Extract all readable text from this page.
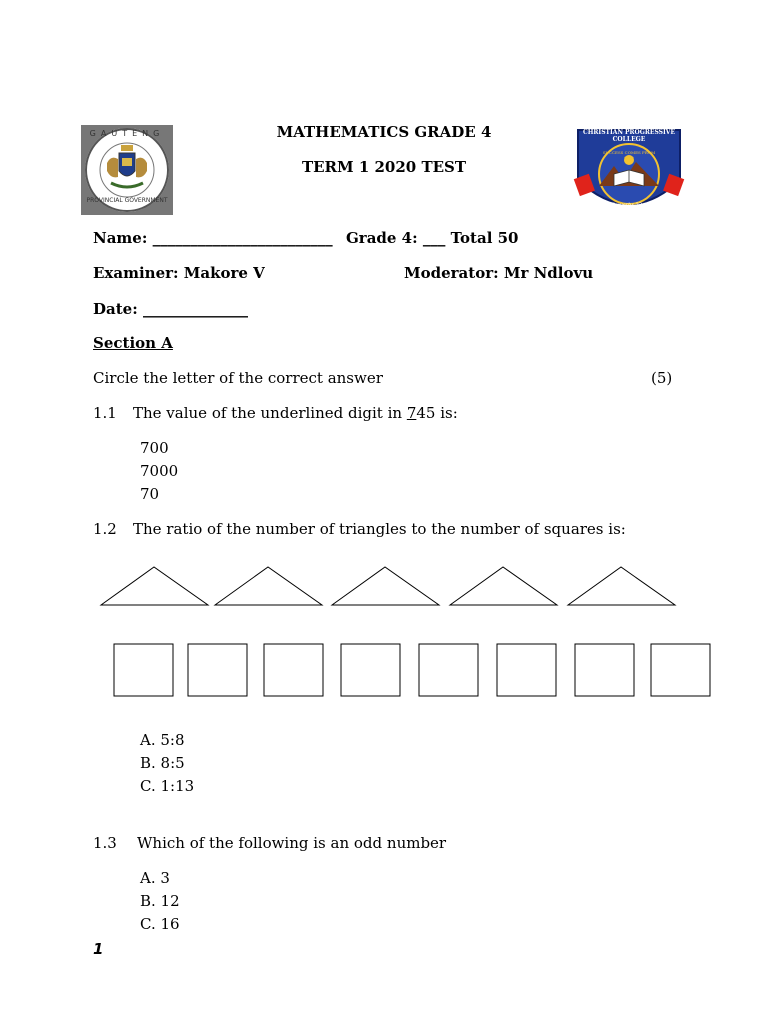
GAUTENG
PROVINCIAL GOVERNMENT
CHRISTIAN PROGRESSIVE COLLEGE
SUCCESS COMES FROM GOD
Proverbs 22:6
MATHEMATICS GRADE 4
TERM 1 2020 TEST
Name: ________________________ Grade 4: ___ Total 50
Examiner: Makore V	Moderator: Mr Ndlovu
Date: ______________
Section A
Circle the letter of the correct answer	(5)
1.1 The value of the underlined digit in 745 is:
700
7000
70
1.2 The ratio of the number of triangles to the number of squares is:
A. 5:8
B. 8:5
C. 1:13
1.3 Which of the following is an odd number
A. 3
B. 12
C. 16
1
